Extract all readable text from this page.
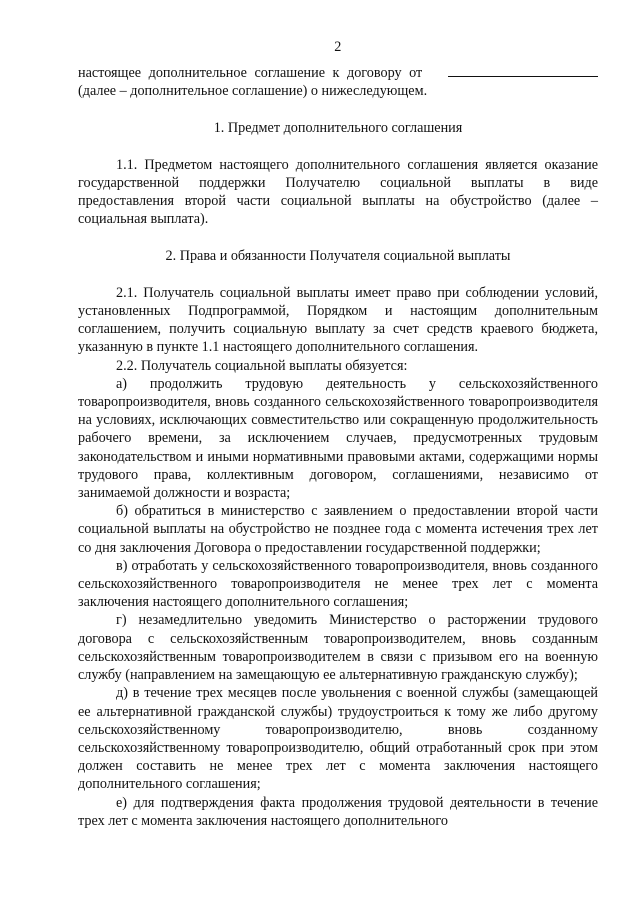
2
настоящее дополнительное соглашение к договору от

(далее – дополнительное соглашение) о нижеследующем.

1. Предмет дополнительного соглашения

1.1. Предметом настоящего дополнительного соглашения является оказание государственной поддержки Получателю социальной выплаты в виде предоставления второй части социальной выплаты на обустройство (далее – социальная выплата).

2. Права и обязанности Получателя социальной выплаты

2.1. Получатель социальной выплаты имеет право при соблюдении условий, установленных Подпрограммой, Порядком и настоящим дополнительным соглашением, получить социальную выплату за счет средств краевого бюджета, указанную в пункте 1.1 настоящего дополнительного соглашения.

2.2. Получатель социальной выплаты обязуется:

а) продолжить трудовую деятельность у сельскохозяйственного товаропроизводителя, вновь созданного сельскохозяйственного товаропроизводителя на условиях, исключающих совместительство или сокращенную продолжительность рабочего времени, за исключением случаев, предусмотренных трудовым законодательством и иными нормативными правовыми актами, содержащими нормы трудового права, коллективным договором, соглашениями, независимо от занимаемой должности и возраста;

б) обратиться в министерство с заявлением о предоставлении второй части социальной выплаты на обустройство не позднее года с момента истечения трех лет со дня заключения Договора о предоставлении государственной поддержки;

в) отработать у сельскохозяйственного товаропроизводителя, вновь созданного сельскохозяйственного товаропроизводителя не менее трех лет с момента заключения настоящего дополнительного соглашения;

г) незамедлительно уведомить Министерство о расторжении трудового договора с сельскохозяйственным товаропроизводителем, вновь созданным сельскохозяйственным товаропроизводителем в связи с призывом его на военную службу (направлением на замещающую ее альтернативную гражданскую службу);

д) в течение трех месяцев после увольнения с военной службы (замещающей ее альтернативной гражданской службы) трудоустроиться к тому же либо другому сельскохозяйственному товаропроизводителю, вновь созданному сельскохозяйственному товаропроизводителю, общий отработанный срок при этом должен составить не менее трех лет с момента заключения настоящего дополнительного соглашения;

е) для подтверждения факта продолжения трудовой деятельности в течение трех лет с момента заключения настоящего дополнительного
